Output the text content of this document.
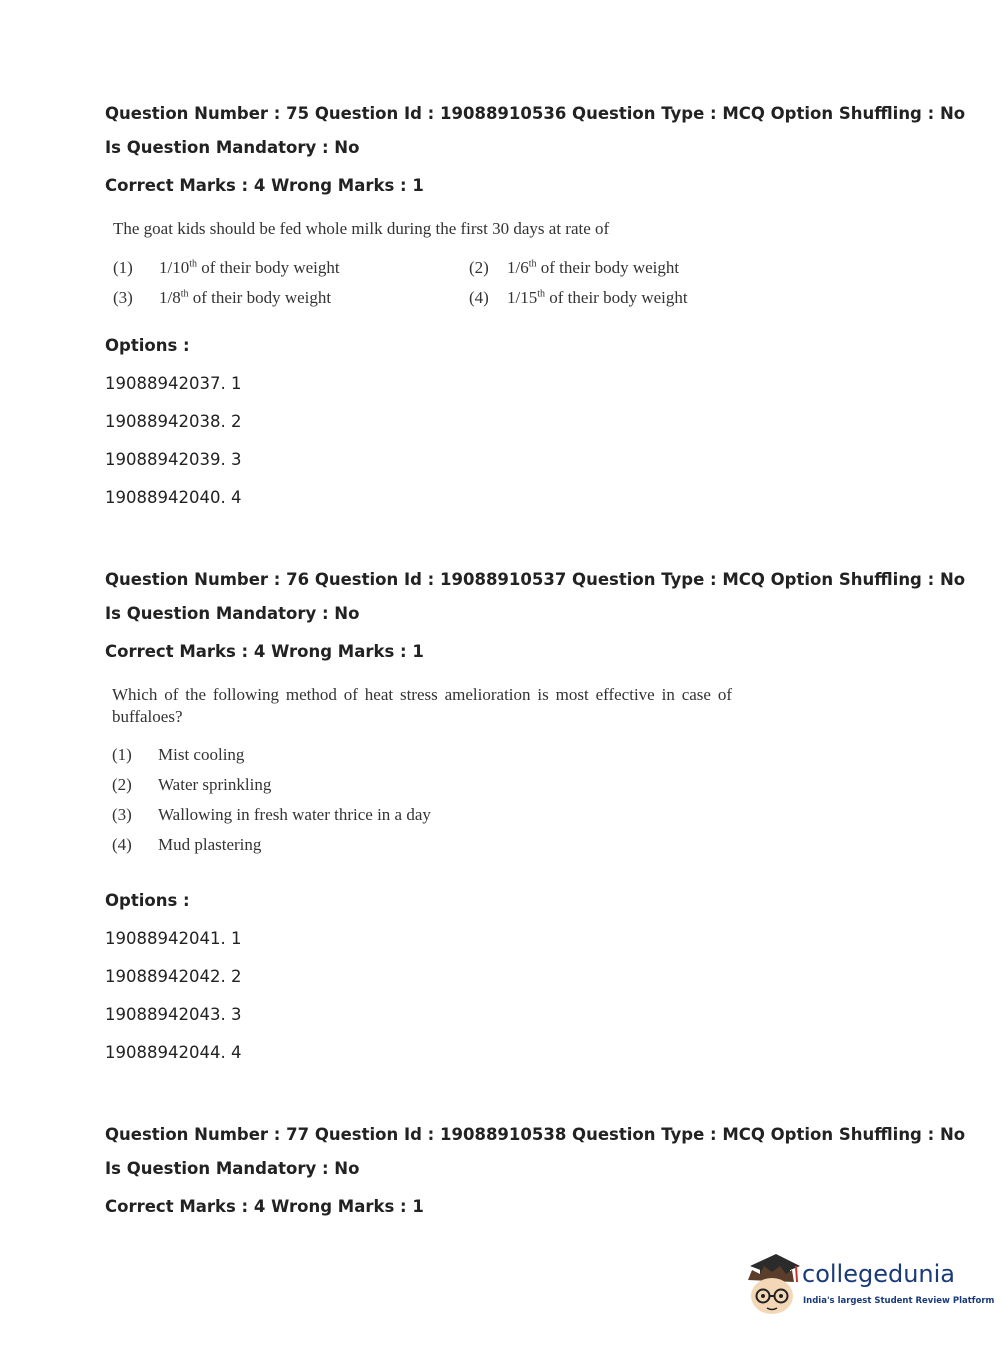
Question Number : 75 Question Id : 19088910536 Question Type : MCQ Option Shuffling : No

Is Question Mandatory : No

Correct Marks : 4 Wrong Marks : 1

The goat kids should be fed whole milk during the first 30 days at rate of
(1) 1/10th of their body weight	(2) 1/6th of their body weight
(3) 1/8th of their body weight	(4) 1/15th of their body weight
Options :
19088942037. 1
19088942038. 2
19088942039. 3
19088942040. 4

Question Number : 76 Question Id : 19088910537 Question Type : MCQ Option Shuffling : No

Is Question Mandatory : No

Correct Marks : 4 Wrong Marks : 1

Which of the following method of heat stress amelioration is most effective in case of
buffaloes?
(1) Mist cooling
(2) Water sprinkling
(3) Wallowing in fresh water thrice in a day
(4) Mud plastering
Options :
19088942041. 1
19088942042. 2
19088942043. 3
19088942044. 4

Question Number : 77 Question Id : 19088910538 Question Type : MCQ Option Shuffling : No

Is Question Mandatory : No

Correct Marks : 4 Wrong Marks : 1

collegedunia
India's largest Student Review Platform
